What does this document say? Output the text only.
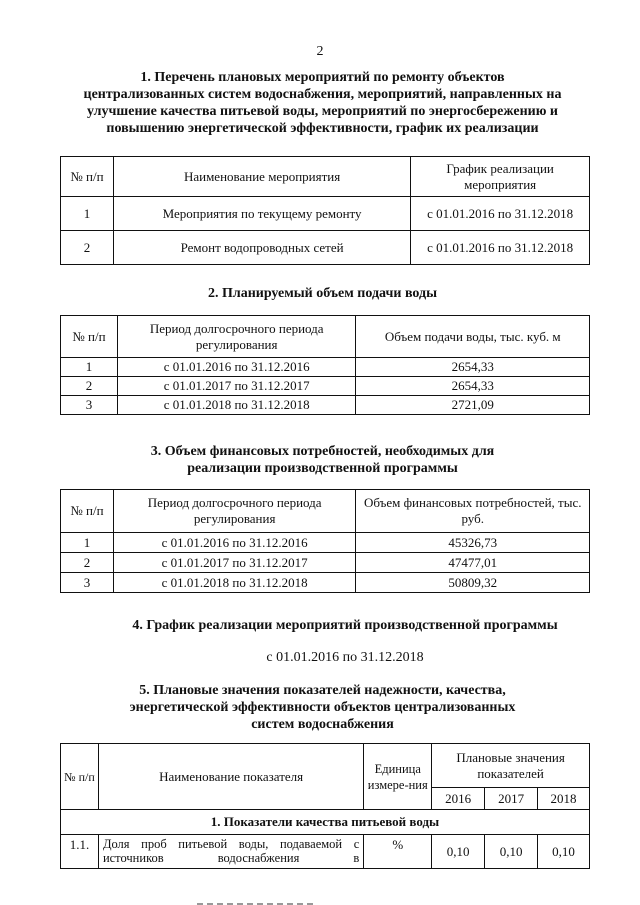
2
1. Перечень плановых мероприятий по ремонту объектов
централизованных систем водоснабжения, мероприятий, направленных на
улучшение качества питьевой воды, мероприятий по энергосбережению и
повышению энергетической эффективности, график их реализации
№ п/п	Наименование мероприятия	График реализации мероприятия
1	Мероприятия по текущему ремонту	с 01.01.2016 по 31.12.2018
2	Ремонт водопроводных сетей	с 01.01.2016 по 31.12.2018
2. Планируемый объем подачи воды
№ п/п	Период долгосрочного периода регулирования	Объем подачи воды, тыс. куб. м
1	с 01.01.2016 по 31.12.2016	2654,33
2	с 01.01.2017 по 31.12.2017	2654,33
3	с 01.01.2018 по 31.12.2018	2721,09
3. Объем финансовых потребностей, необходимых для
реализации производственной программы
№ п/п	Период долгосрочного периода регулирования	Объем финансовых потребностей, тыс. руб.
1	с 01.01.2016 по 31.12.2016	45326,73
2	с 01.01.2017 по 31.12.2017	47477,01
3	с 01.01.2018 по 31.12.2018	50809,32
4. График реализации мероприятий производственной программы
с 01.01.2016 по 31.12.2018
5. Плановые значения показателей надежности, качества,
энергетической эффективности объектов централизованных
систем водоснабжения
№ п/п	Наименование показателя	Единица измере-ния	Плановые значения показателей		
			2016	2017	2018
1. Показатели качества питьевой воды					
1.1.	Доля проб питьевой воды, подаваемой с
источников водоснабжения в	%	0,10	0,10	0,10
